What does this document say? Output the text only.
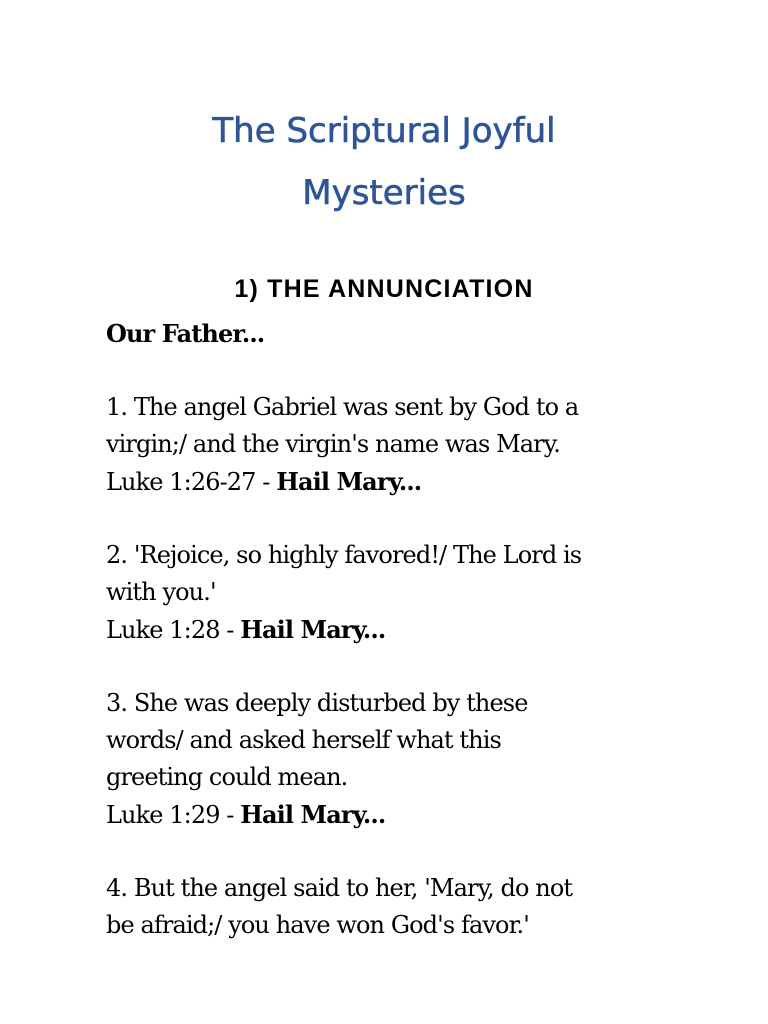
The Scriptural Joyful
Mysteries
1) THE ANNUNCIATION
Our Father...
1. The angel Gabriel was sent by God to a
virgin;/ and the virgin's name was Mary.
Luke 1:26-27 - Hail Mary...
2. 'Rejoice, so highly favored!/ The Lord is
with you.'
Luke 1:28 - Hail Mary...
3. She was deeply disturbed by these
words/ and asked herself what this
greeting could mean.
Luke 1:29 - Hail Mary...
4. But the angel said to her, 'Mary, do not
be afraid;/ you have won God's favor.'
